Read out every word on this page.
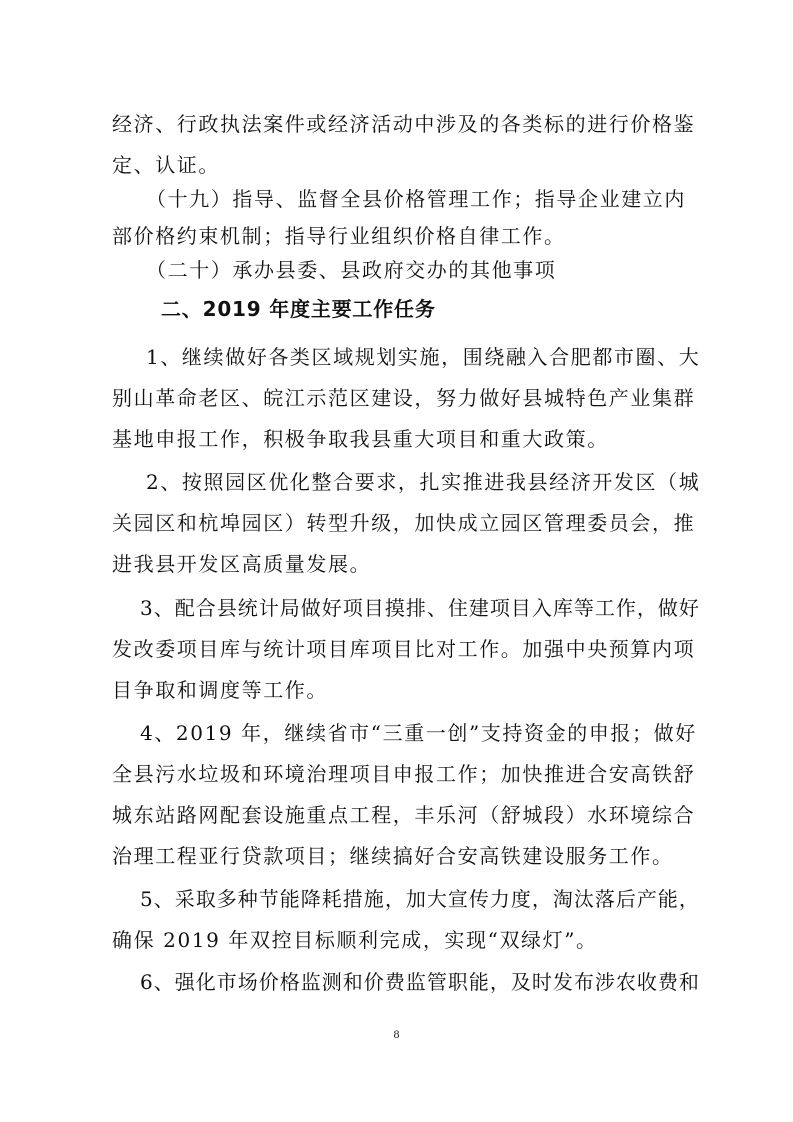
经济、行政执法案件或经济活动中涉及的各类标的进行价格鉴
定、认证。
（十九）指导、监督全县价格管理工作；指导企业建立内
部价格约束机制；指导行业组织价格自律工作。
（二十）承办县委、县政府交办的其他事项
二、2019 年度主要工作任务
1、继续做好各类区域规划实施，围绕融入合肥都市圈、大
别山革命老区、皖江示范区建设，努力做好县城特色产业集群
基地申报工作，积极争取我县重大项目和重大政策。
2、按照园区优化整合要求，扎实推进我县经济开发区（城
关园区和杭埠园区）转型升级，加快成立园区管理委员会，推
进我县开发区高质量发展。
3、配合县统计局做好项目摸排、住建项目入库等工作，做好
发改委项目库与统计项目库项目比对工作。加强中央预算内项
目争取和调度等工作。
4、2019 年，继续省市“三重一创”支持资金的申报；做好
全县污水垃圾和环境治理项目申报工作；加快推进合安高铁舒
城东站路网配套设施重点工程，丰乐河（舒城段）水环境综合
治理工程亚行贷款项目；继续搞好合安高铁建设服务工作。
5、采取多种节能降耗措施，加大宣传力度，淘汰落后产能，
确保 2019 年双控目标顺利完成，实现“双绿灯”。
6、强化市场价格监测和价费监管职能，及时发布涉农收费和
8
